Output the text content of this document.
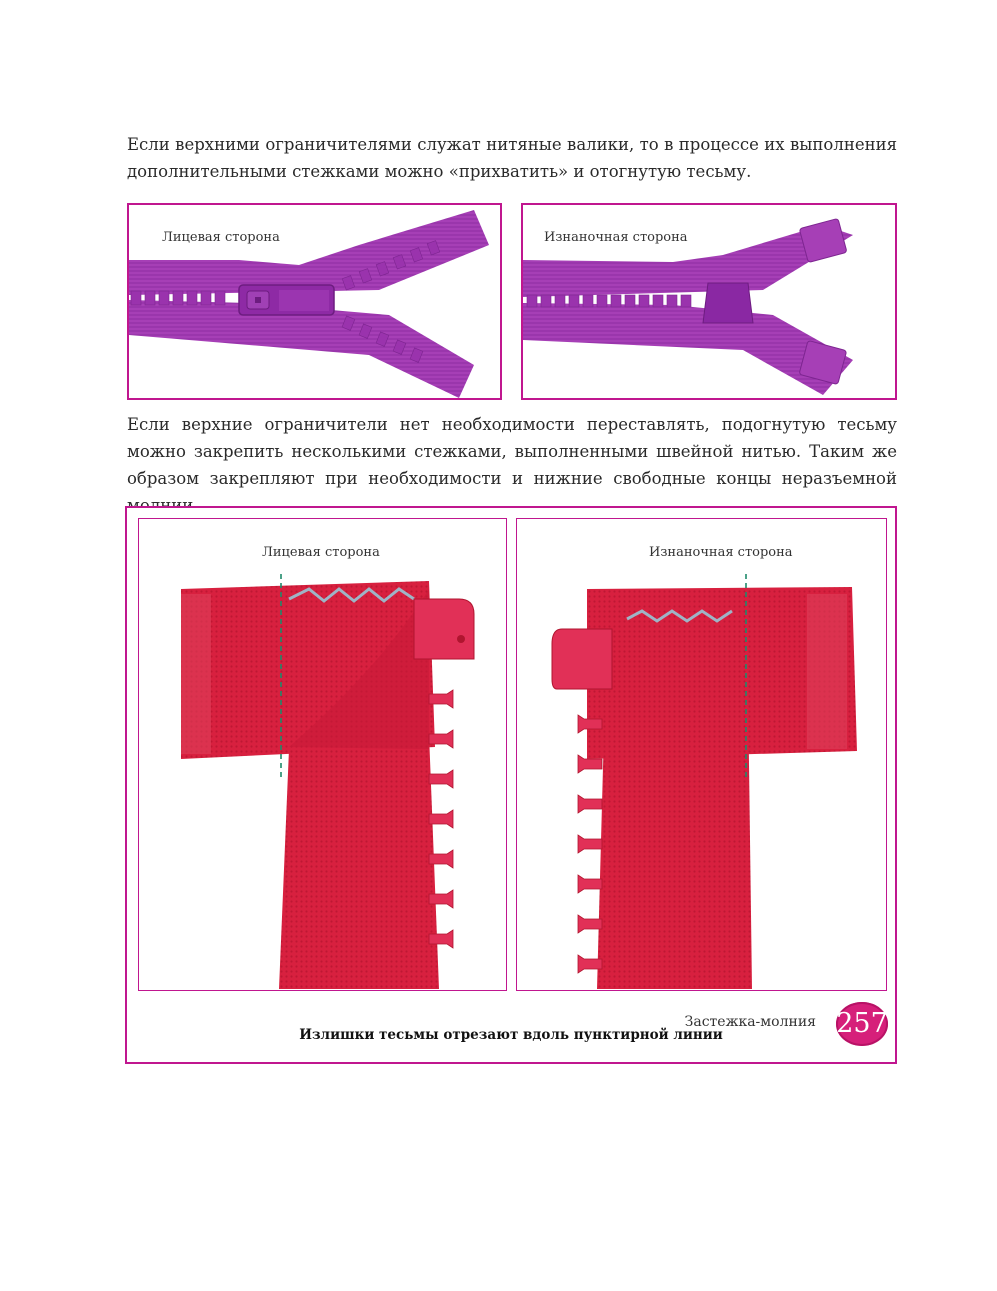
Если верхними ограничителями служат нитяные валики, то в процессе их выполнения дополнительными стежками можно «прихватить» и отогнутую тесьму.

Лицевая сторона	Изнаночная сторона

Если верхние ограничители нет необходимости переставлять, подогнутую тесьму можно закрепить несколькими стежками, выполненными швейной нитью. Таким же образом закрепляют при необходимости и нижние свободные концы неразъемной

Лицевая сторона	Изнаночная сторона
Излишки тесьмы отрезают вдоль пунктирной линии
Застежка-молния 257
